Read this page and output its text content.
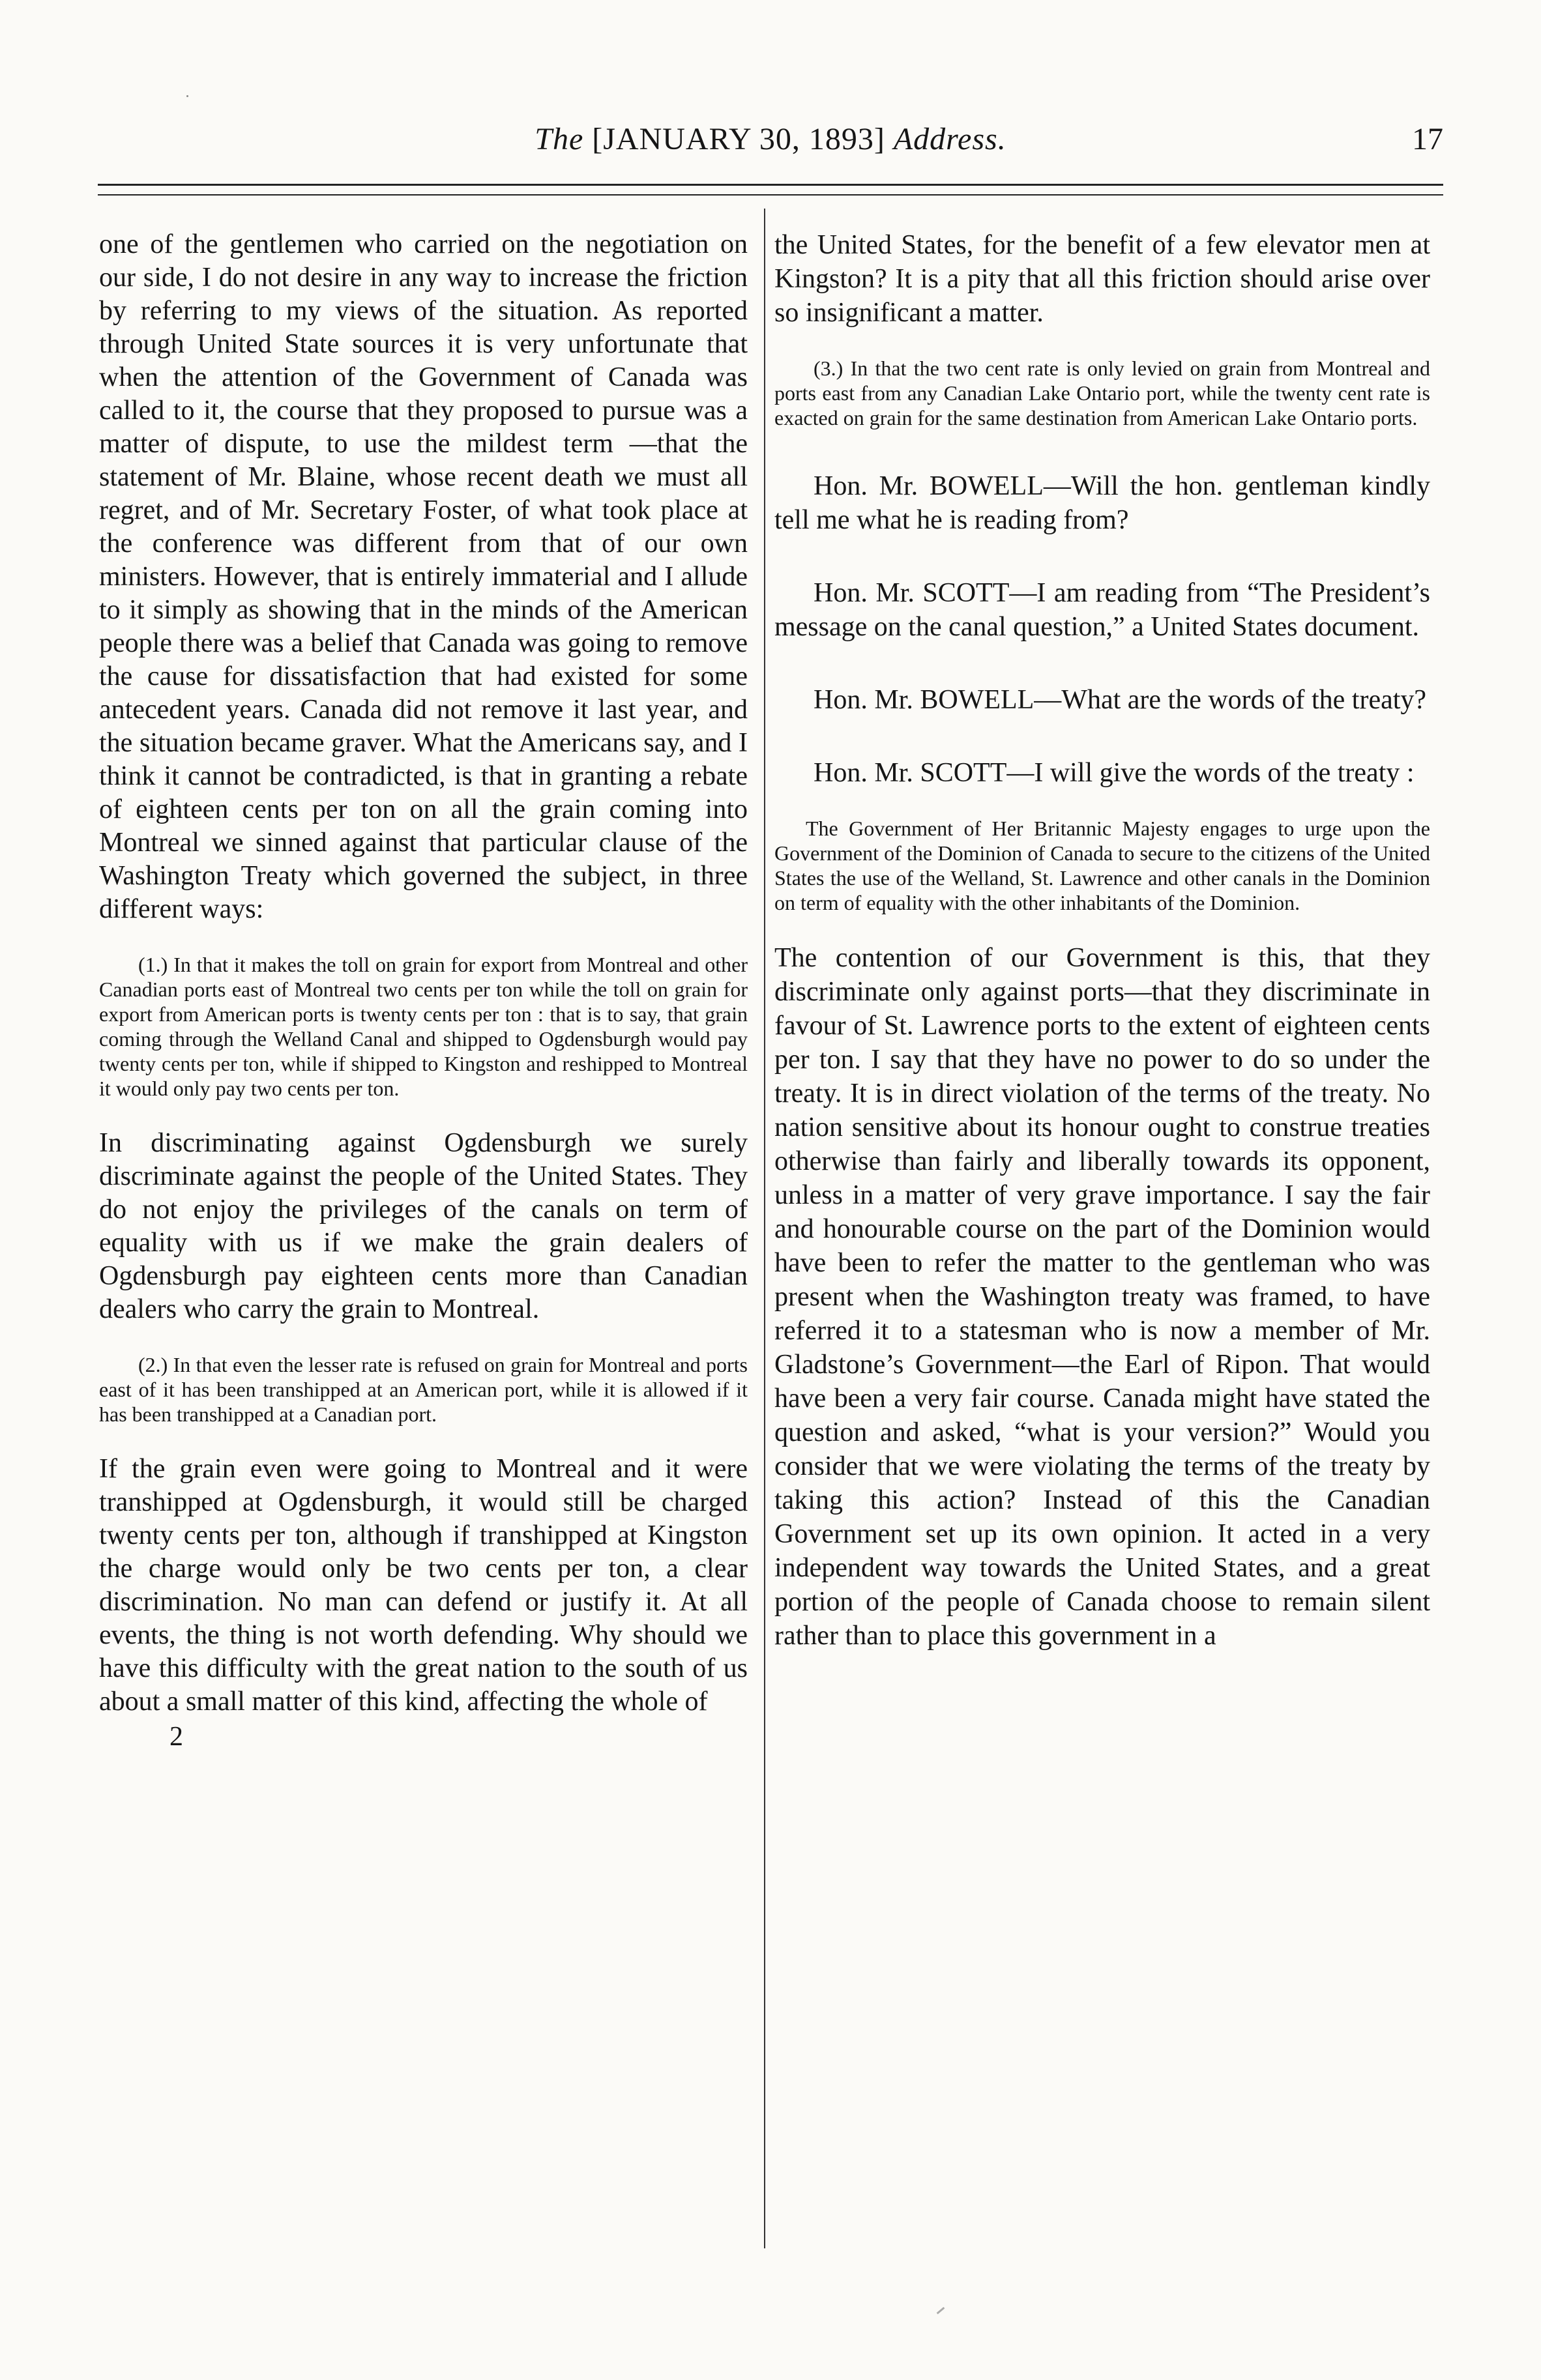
The [JANUARY 30, 1893] Address.	17

one of the gentlemen who carried on the negotiation on our side, I do not desire in any way to increase the friction by referring to my views of the situation. As reported through United State sources it is very unfortunate that when the attention of the Government of Canada was called to it, the course that they proposed to pursue was a matter of dispute, to use the mildest term —that the statement of Mr. Blaine, whose recent death we must all regret, and of Mr. Secretary Foster, of what took place at the conference was different from that of our own ministers. However, that is entirely immaterial and I allude to it simply as showing that in the minds of the American people there was a belief that Canada was going to remove the cause for dissatisfaction that had existed for some antecedent years. Canada did not remove it last year, and the situation became graver. What the Americans say, and I think it cannot be contradicted, is that in granting a rebate of eighteen cents per ton on all the grain coming into Montreal we sinned against that particular clause of the Washington Treaty which governed the subject, in three different ways:

(1.) In that it makes the toll on grain for export from Montreal and other Canadian ports east of Montreal two cents per ton while the toll on grain for export from American ports is twenty cents per ton : that is to say, that grain coming through the Welland Canal and shipped to Ogdensburgh would pay twenty cents per ton, while if shipped to Kingston and reshipped to Montreal it would only pay two cents per ton.

In discriminating against Ogdensburgh we surely discriminate against the people of the United States. They do not enjoy the privileges of the canals on term of equality with us if we make the grain dealers of Ogdensburgh pay eighteen cents more than Canadian dealers who carry the grain to Montreal.

(2.) In that even the lesser rate is refused on grain for Montreal and ports east of it has been transhipped at an American port, while it is allowed if it has been transhipped at a Canadian port.

If the grain even were going to Montreal and it were transhipped at Ogdensburgh, it would still be charged twenty cents per ton, although if transhipped at Kingston the charge would only be two cents per ton, a clear discrimination. No man can defend or justify it. At all events, the thing is not worth defending. Why should we have this difficulty with the great nation to the south of us about a small matter of this kind, affecting the whole of

2

the United States, for the benefit of a few elevator men at Kingston? It is a pity that all this friction should arise over so insignificant a matter.

(3.) In that the two cent rate is only levied on grain from Montreal and ports east from any Canadian Lake Ontario port, while the twenty cent rate is exacted on grain for the same destination from American Lake Ontario ports.

Hon. Mr. BOWELL—Will the hon. gentleman kindly tell me what he is reading from?

Hon. Mr. SCOTT—I am reading from “The President’s message on the canal question,” a United States document.

Hon. Mr. BOWELL—What are the words of the treaty?

Hon. Mr. SCOTT—I will give the words of the treaty :

The Government of Her Britannic Majesty engages to urge upon the Government of the Dominion of Canada to secure to the citizens of the United States the use of the Welland, St. Lawrence and other canals in the Dominion on term of equality with the other inhabitants of the Dominion.

The contention of our Government is this, that they discriminate only against ports—that they discriminate in favour of St. Lawrence ports to the extent of eighteen cents per ton. I say that they have no power to do so under the treaty. It is in direct violation of the terms of the treaty. No nation sensitive about its honour ought to construe treaties otherwise than fairly and liberally towards its opponent, unless in a matter of very grave importance. I say the fair and honourable course on the part of the Dominion would have been to refer the matter to the gentleman who was present when the Washington treaty was framed, to have referred it to a statesman who is now a member of Mr. Gladstone’s Government—the Earl of Ripon. That would have been a very fair course. Canada might have stated the question and asked, “what is your version?” Would you consider that we were violating the terms of the treaty by taking this action? Instead of this the Canadian Government set up its own opinion. It acted in a very independent way towards the United States, and a great portion of the people of Canada choose to remain silent rather than to place this government in a
